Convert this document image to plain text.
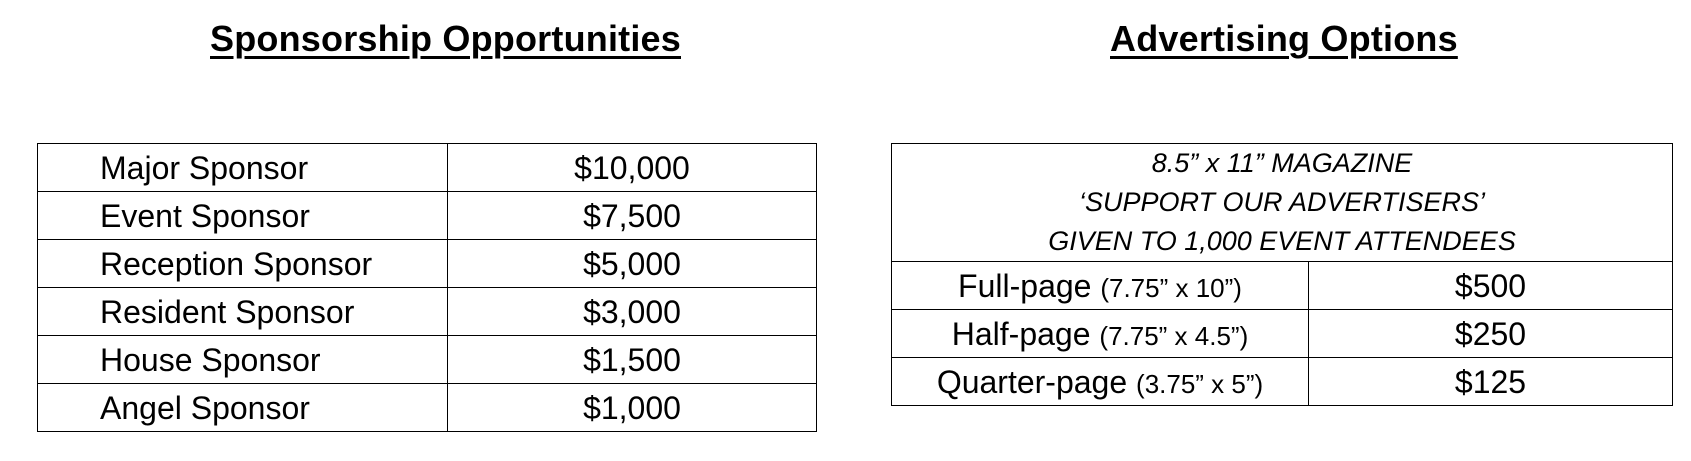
Sponsorship Opportunities	Advertising Options
Major Sponsor	$10,000
Event Sponsor	$7,500
Reception Sponsor	$5,000
Resident Sponsor	$3,000
House Sponsor	$1,500
Angel Sponsor	$1,000
8.5” x 11” MAGAZINE
‘SUPPORT OUR ADVERTISERS’
GIVEN TO 1,000 EVENT ATTENDEES	

Full-page (7.75” x 10”)	$500
Half-page (7.75” x 4.5”)	$250
Quarter-page (3.75” x 5”)	$125
